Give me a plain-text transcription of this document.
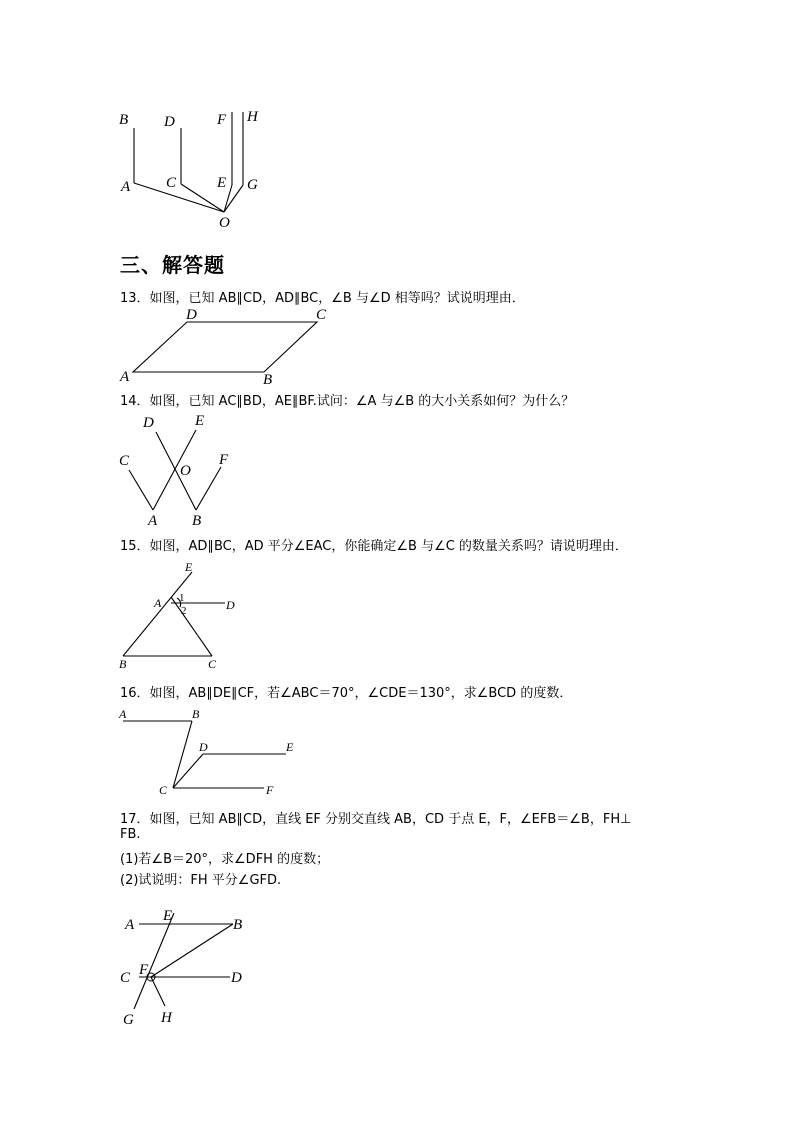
B D	F H
A C	E G
O
三、解答题
13．如图，已知 AB∥CD，AD∥BC，∠B 与∠D 相等吗？试说明理由．
D	C
A	B
14．如图，已知 AC∥BD，AE∥BF.试问：∠A 与∠B 的大小关系如何？为什么？
D	E
C
O
F
A B
15．如图，AD∥BC，AD 平分∠EAC，你能确定∠B 与∠C 的数量关系吗？请说明理由．
E
A 1
2	D
B	C
16．如图，AB∥DE∥CF，若∠ABC＝70°，∠CDE＝130°，求∠BCD 的度数．
A	B
D	E
C	F
17．如图，已知 AB∥CD，直线 EF 分别交直线 AB，CD 于点 E，F，∠EFB＝∠B，FH⊥
FB.
(1)若∠B＝20°，求∠DFH 的度数；
(2)试说明：FH 平分∠GFD.
E
A	B
F
C	D
G H
